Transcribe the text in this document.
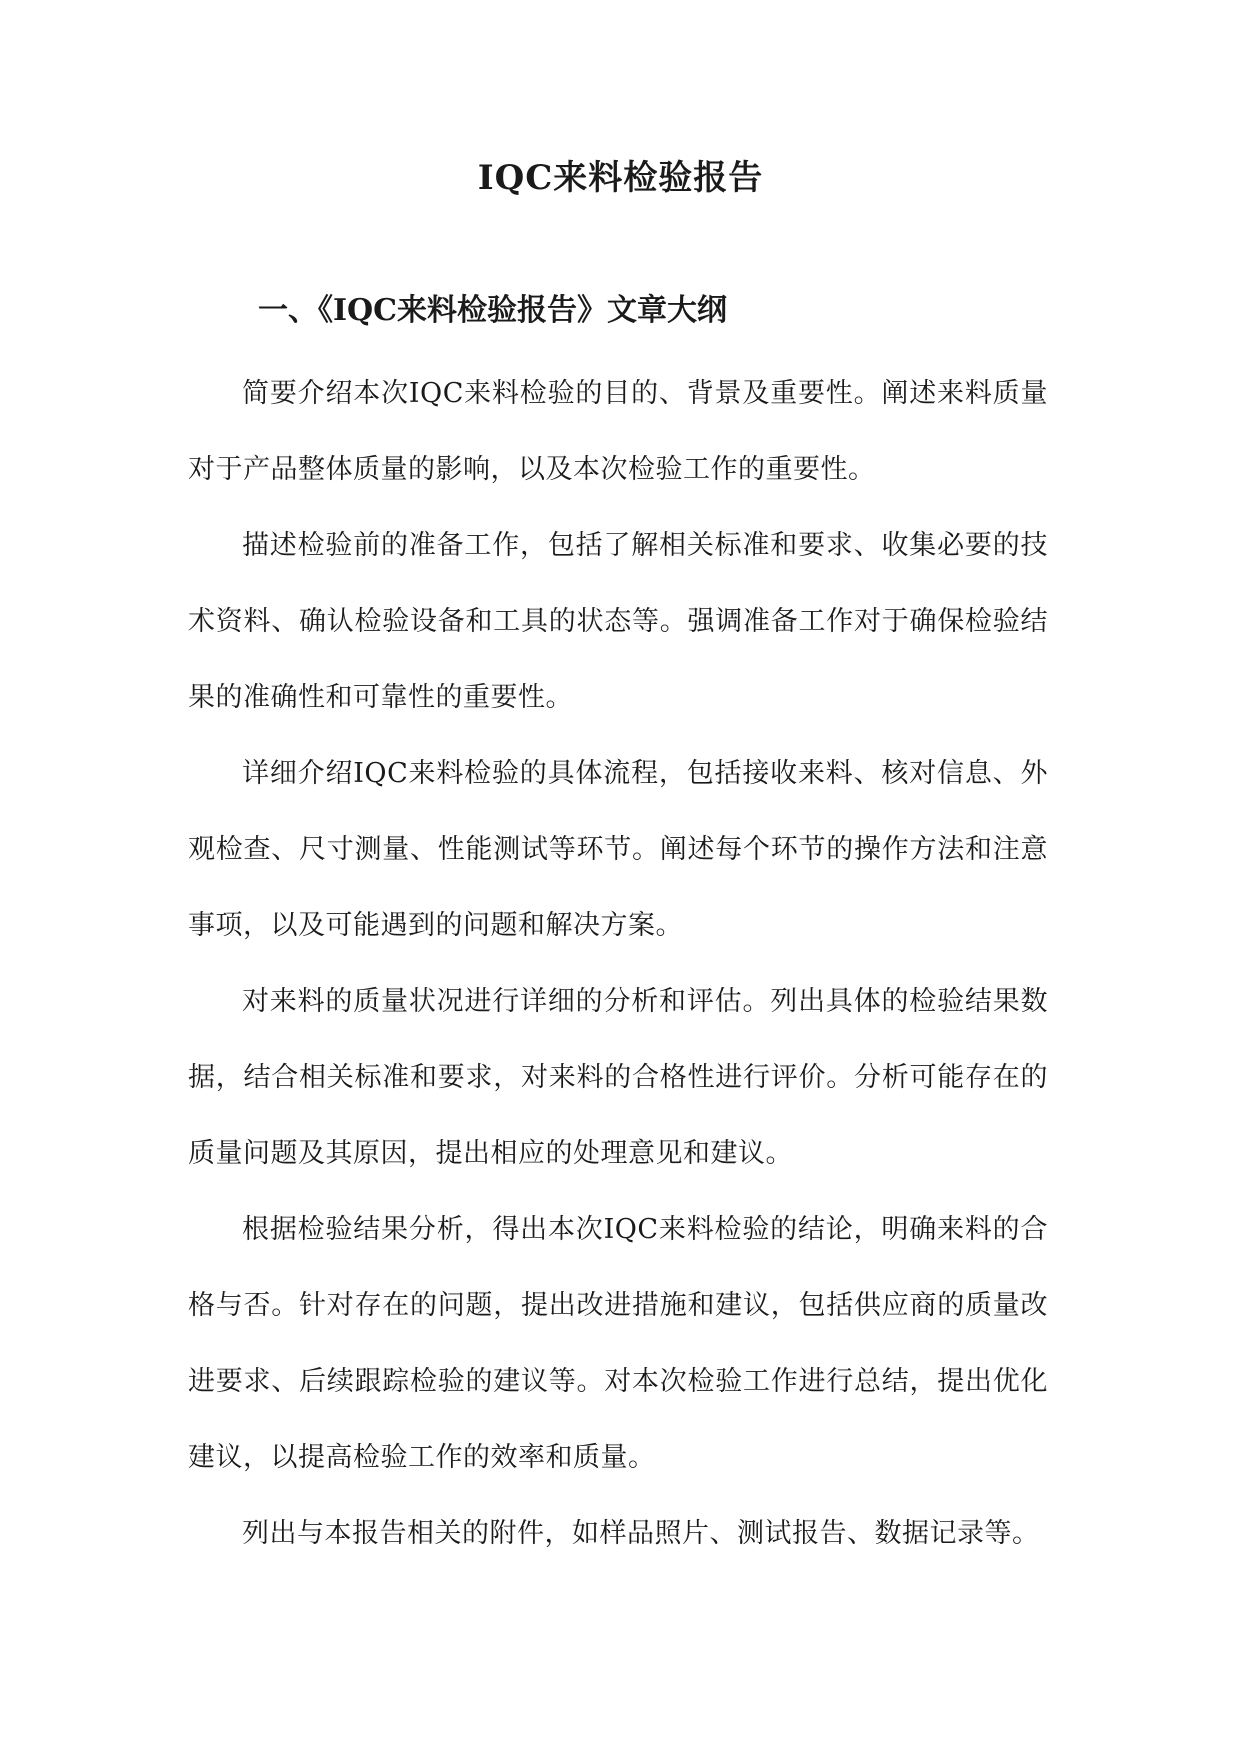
IQC来料检验报告
一、《IQC来料检验报告》文章大纲

简要介绍本次IQC来料检验的目的、背景及重要性。阐述来料质量对于产品整体质量的影响，以及本次检验工作的重要性。

描述检验前的准备工作，包括了解相关标准和要求、收集必要的技术资料、确认检验设备和工具的状态等。强调准备工作对于确保检验结果的准确性和可靠性的重要性。

详细介绍IQC来料检验的具体流程，包括接收来料、核对信息、外观检查、尺寸测量、性能测试等环节。阐述每个环节的操作方法和注意事项，以及可能遇到的问题和解决方案。

对来料的质量状况进行详细的分析和评估。列出具体的检验结果数据，结合相关标准和要求，对来料的合格性进行评价。分析可能存在的质量问题及其原因，提出相应的处理意见和建议。

根据检验结果分析，得出本次IQC来料检验的结论，明确来料的合格与否。针对存在的问题，提出改进措施和建议，包括供应商的质量改进要求、后续跟踪检验的建议等。对本次检验工作进行总结，提出优化建议，以提高检验工作的效率和质量。

列出与本报告相关的附件，如样品照片、测试报告、数据记录等。
